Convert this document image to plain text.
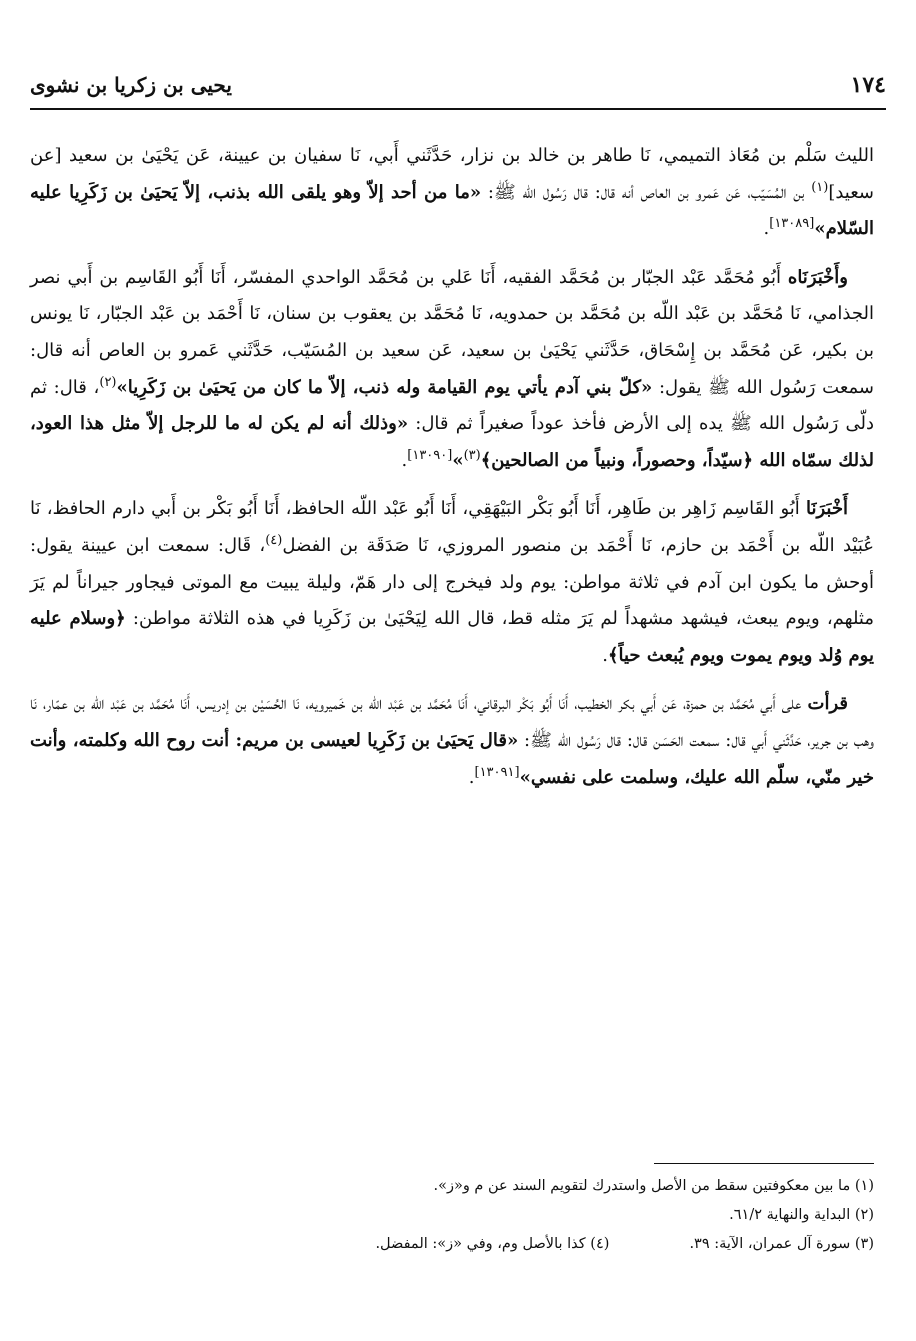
يحيى بن زكريا بن نشوى	١٧٤

الليث سَلْم بن مُعَاذ التميمي، نَا طاهر بن خالد بن نزار، حَدَّثَني أَبي، نَا سفيان بن عيينة، عَن يَحْيَىٰ بن سعيد [عن سعيد]$^{(١)}$ بن المُسَيّب، عَن عَمرو بن العاص أنه قال: قال رَسُول الله ﷺ: «ما من أحد إلاّ وهو يلقى الله بذنب، إلاّ يَحيَىٰ بن زَكَرِيا عليه السّلام»[١٣٠٨٩].

وأَخْبَرَنَاه أَبُو مُحَمَّد عَبْد الجبّار بن مُحَمَّد الفقيه، أَنَا عَلي بن مُحَمَّد الواحدي المفسّر، أَنَا أَبُو القَاسِم بن أَبي نصر الجذامي، نَا مُحَمَّد بن عَبْد اللّه بن مُحَمَّد بن حمدويه، نَا مُحَمَّد بن يعقوب بن سنان، نَا أَحْمَد بن عَبْد الجبّار، نَا يونس بن بكير، عَن مُحَمَّد بن إِسْحَاق، حَدَّثَني يَحْيَىٰ بن سعيد، عَن سعيد بن المُسَيّب، حَدَّثَني عَمرو بن العاص أنه قال: سمعت رَسُول الله ﷺ يقول: «كلّ بني آدم يأتي يوم القيامة وله ذنب، إلاّ ما كان من يَحيَىٰ بن زَكَرِيا»$^{(٢)}$، قال: ثم دلّى رَسُول الله ﷺ يده إلى الأرض فأخذ عوداً صغيراً ثم قال: «وذلك أنه لم يكن له ما للرجل إلاّ مثل هذا العود، لذلك سمّاه الله ﴿سيّداً، وحصوراً، ونبياً من الصالحين﴾$^{(٣)}$»[١٣٠٩٠].

أَخْبَرَنَا أَبُو القَاسِم زَاهِر بن طَاهِر، أَنَا أَبُو بَكْر البَيْهَقِي، أَنَا أَبُو عَبْد اللّه الحافظ، أَنَا أَبُو بَكْر بن أَبي دارم الحافظ، نَا عُبَيْد اللّه بن أَحْمَد بن حازم، نَا أَحْمَد بن منصور المروزي، نَا صَدَقَة بن الفضل$^{(٤)}$، قَال: سمعت ابن عيينة يقول: أوحش ما يكون ابن آدم في ثلاثة مواطن: يوم ولد فيخرج إلى دار هَمّ، وليلة يبيت مع الموتى فيجاور جيراناً لم يَرَ مثلهم، ويوم يبعث، فيشهد مشهداً لم يَرَ مثله قط، قال الله لِيَحْيَىٰ بن زَكَرِيا في هذه الثلاثة مواطن: ﴿وسلام عليه يوم وُلد ويوم يموت ويوم يُبعث حياً﴾.

قرأت على أَبي مُحَمَّد بن حمزة، عَن أَبي بكر الخطيب، أَنَا أَبُو بَكْر البرقاني، أَنَا مُحَمَّد بن عَبْد اللّه بن خَميرويه، نَا الحُسَيْن بن إدريس، أَنَا مُحَمَّد بن عَبْد اللّه بن عمّار، نَا وهب بن جرير، حَدَّثَني أَبي قال: سمعت الحَسَن قال: قال رَسُول الله ﷺ: «قال يَحيَىٰ بن زَكَرِيا لعيسى بن مريم: أنت روح الله وكلمته، وأنت خير منّي، سلّم الله عليك، وسلمت على نفسي»[١٣٠٩١].

(١) ما بين معكوفتين سقط من الأصل واستدرك لتقويم السند عن م و«ز».
(٢) البداية والنهاية ٦١/٢.
(٣) سورة آل عمران، الآية: ٣٩.
(٤) كذا بالأصل وم، وفي «ز»: المفضل.
